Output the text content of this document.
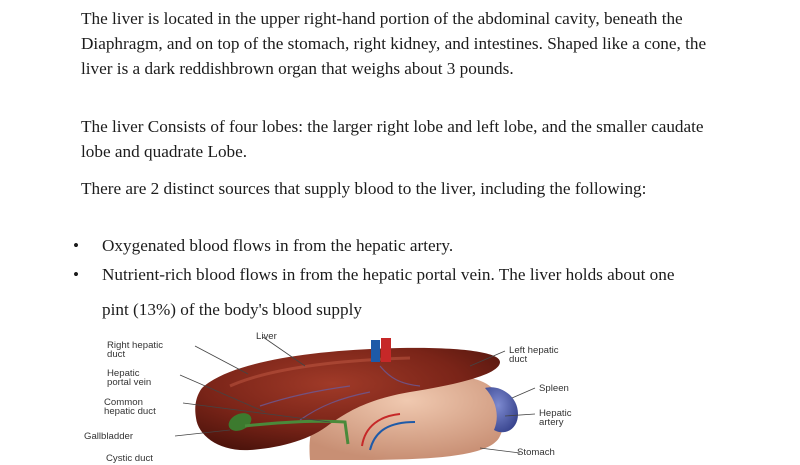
The liver is located in the upper right-hand portion of the abdominal cavity, beneath the Diaphragm, and on top of the stomach, right kidney, and intestines. Shaped like a cone, the liver is a dark reddishbrown organ that weighs about 3 pounds.

The liver Consists of four lobes: the larger right lobe and left lobe, and the smaller caudate lobe and quadrate Lobe.

There are 2 distinct sources that supply blood to the liver, including the following:

• Oxygenated blood flows in from the hepatic artery.
• Nutrient-rich blood flows in from the hepatic portal vein. The liver holds about one
pint (13%) of the body's blood supply
Liver
Right hepatic
duct
Hepatic
portal vein
Common
hepatic duct
Gallbladder
Cystic duct
Left hepatic
duct
Spleen
Hepatic
artery
Stomach
